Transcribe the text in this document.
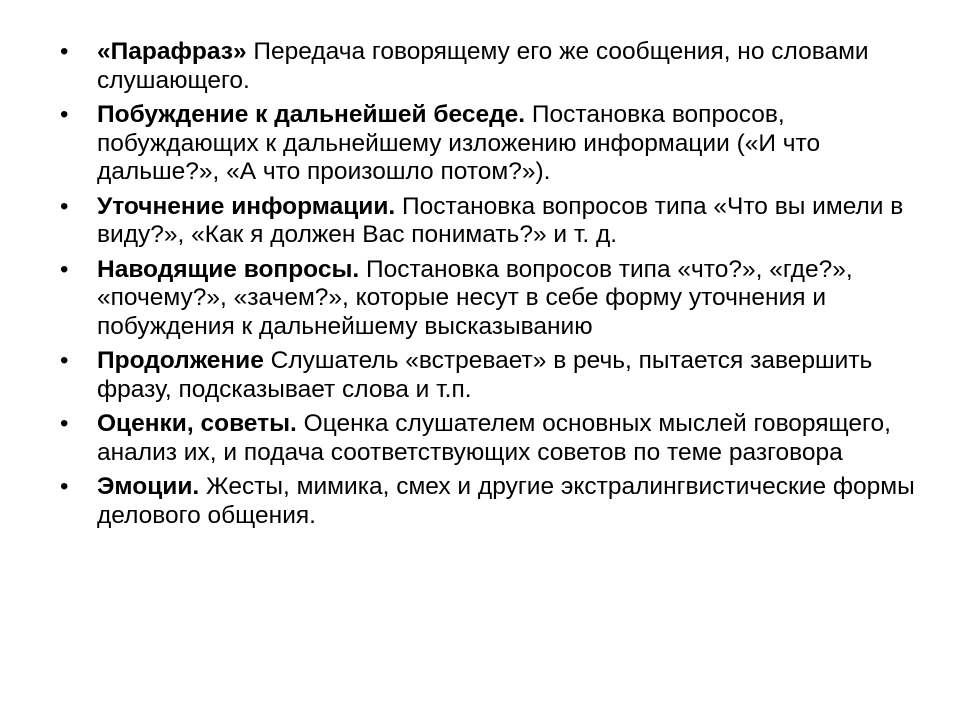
• «Парафраз» Передача говорящему его же сообщения, но словами слушающего.
• Побуждение к дальнейшей беседе. Постановка вопросов, побуждающих к дальнейшему изложению информации («И что дальше?», «А что произошло потом?»).
• Уточнение информации. Постановка вопросов типа «Что вы имели в виду?», «Как я должен Вас понимать?» и т. д.
• Наводящие вопросы. Постановка вопросов типа «что?», «где?», «почему?», «зачем?», которые несут в себе форму уточнения и побуждения к дальнейшему высказыванию
• Продолжение Слушатель «встревает» в речь, пытается завершить фразу, подсказывает слова и т.п.
• Оценки, советы. Оценка слушателем основных мыслей говорящего, анализ их, и подача соответствующих советов по теме разговора
• Эмоции. Жесты, мимика, смех и другие экстралингвистические формы делового общения.
